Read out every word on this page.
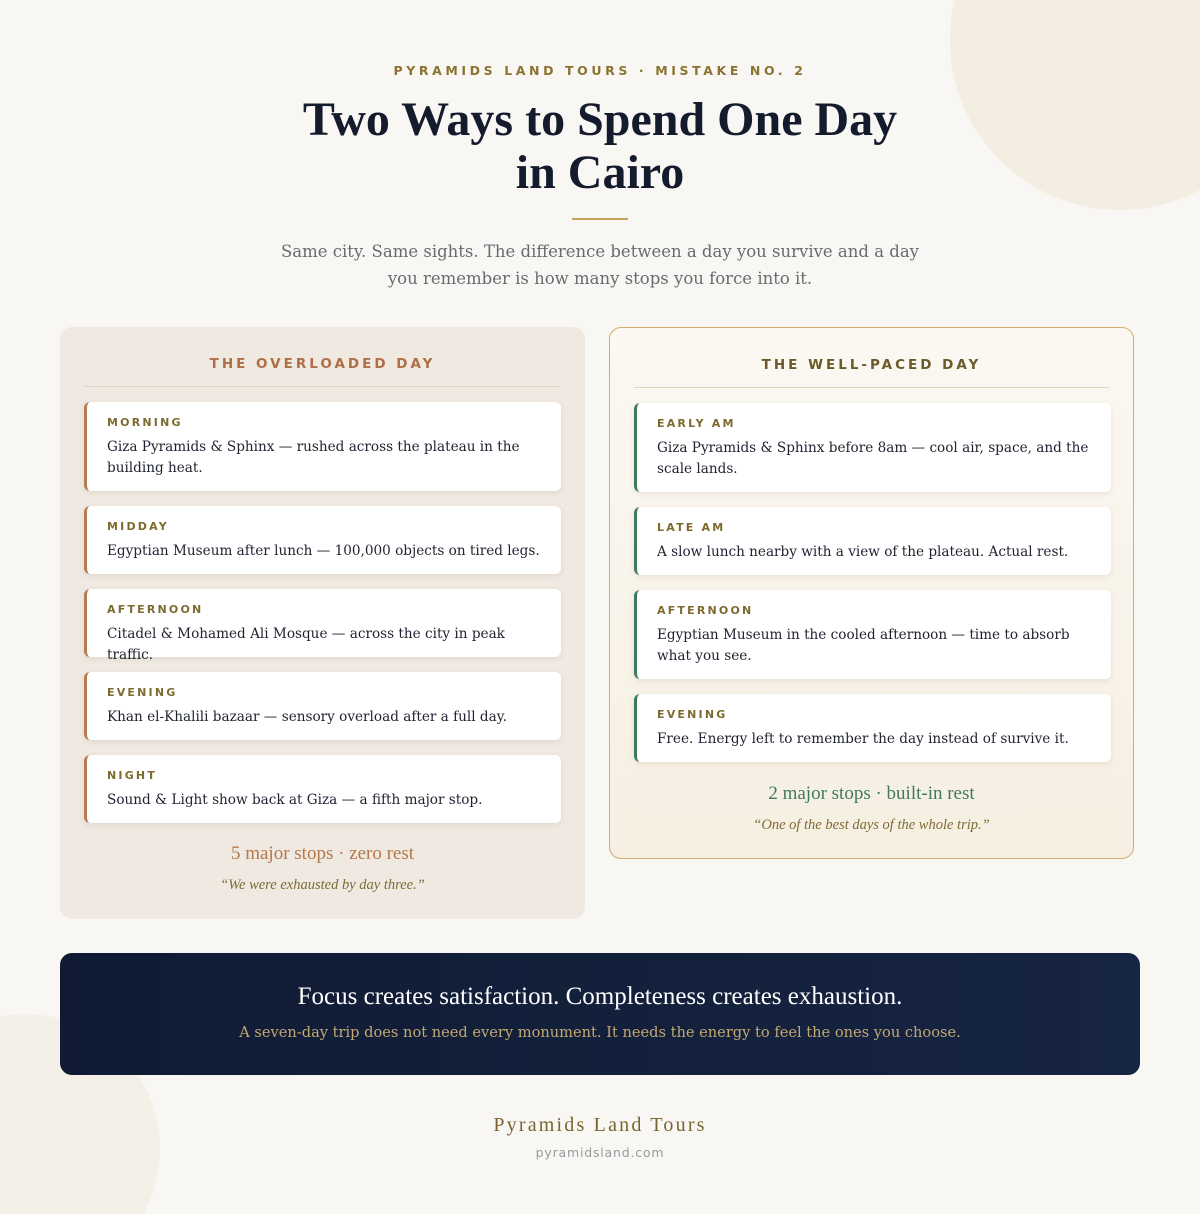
PYRAMIDS LAND TOURS · MISTAKE NO. 2
Two Ways to Spend One Day in Cairo

Same city. Same sights. The difference between a day you survive and a day you remember is how many stops you force into it.

THE OVERLOADED DAY
MORNING
Giza Pyramids & Sphinx — rushed across the plateau in the building heat.
MIDDAY
Egyptian Museum after lunch — 100,000 objects on tired legs.
AFTERNOON
Citadel & Mohamed Ali Mosque — across the city in peak traffic.
EVENING
Khan el-Khalili bazaar — sensory overload after a full day.
NIGHT
Sound & Light show back at Giza — a fifth major stop.
5 major stops · zero rest
“We were exhausted by day three.”
THE WELL-PACED DAY
EARLY AM
Giza Pyramids & Sphinx before 8am — cool air, space, and the scale lands.
LATE AM
A slow lunch nearby with a view of the plateau. Actual rest.
AFTERNOON
Egyptian Museum in the cooled afternoon — time to absorb what you see.
EVENING
Free. Energy left to remember the day instead of survive it.
2 major stops · built-in rest
“One of the best days of the whole trip.”
Focus creates satisfaction. Completeness creates exhaustion.
A seven-day trip does not need every monument. It needs the energy to feel the ones you choose.
Pyramids Land Tours
pyramidsland.com
